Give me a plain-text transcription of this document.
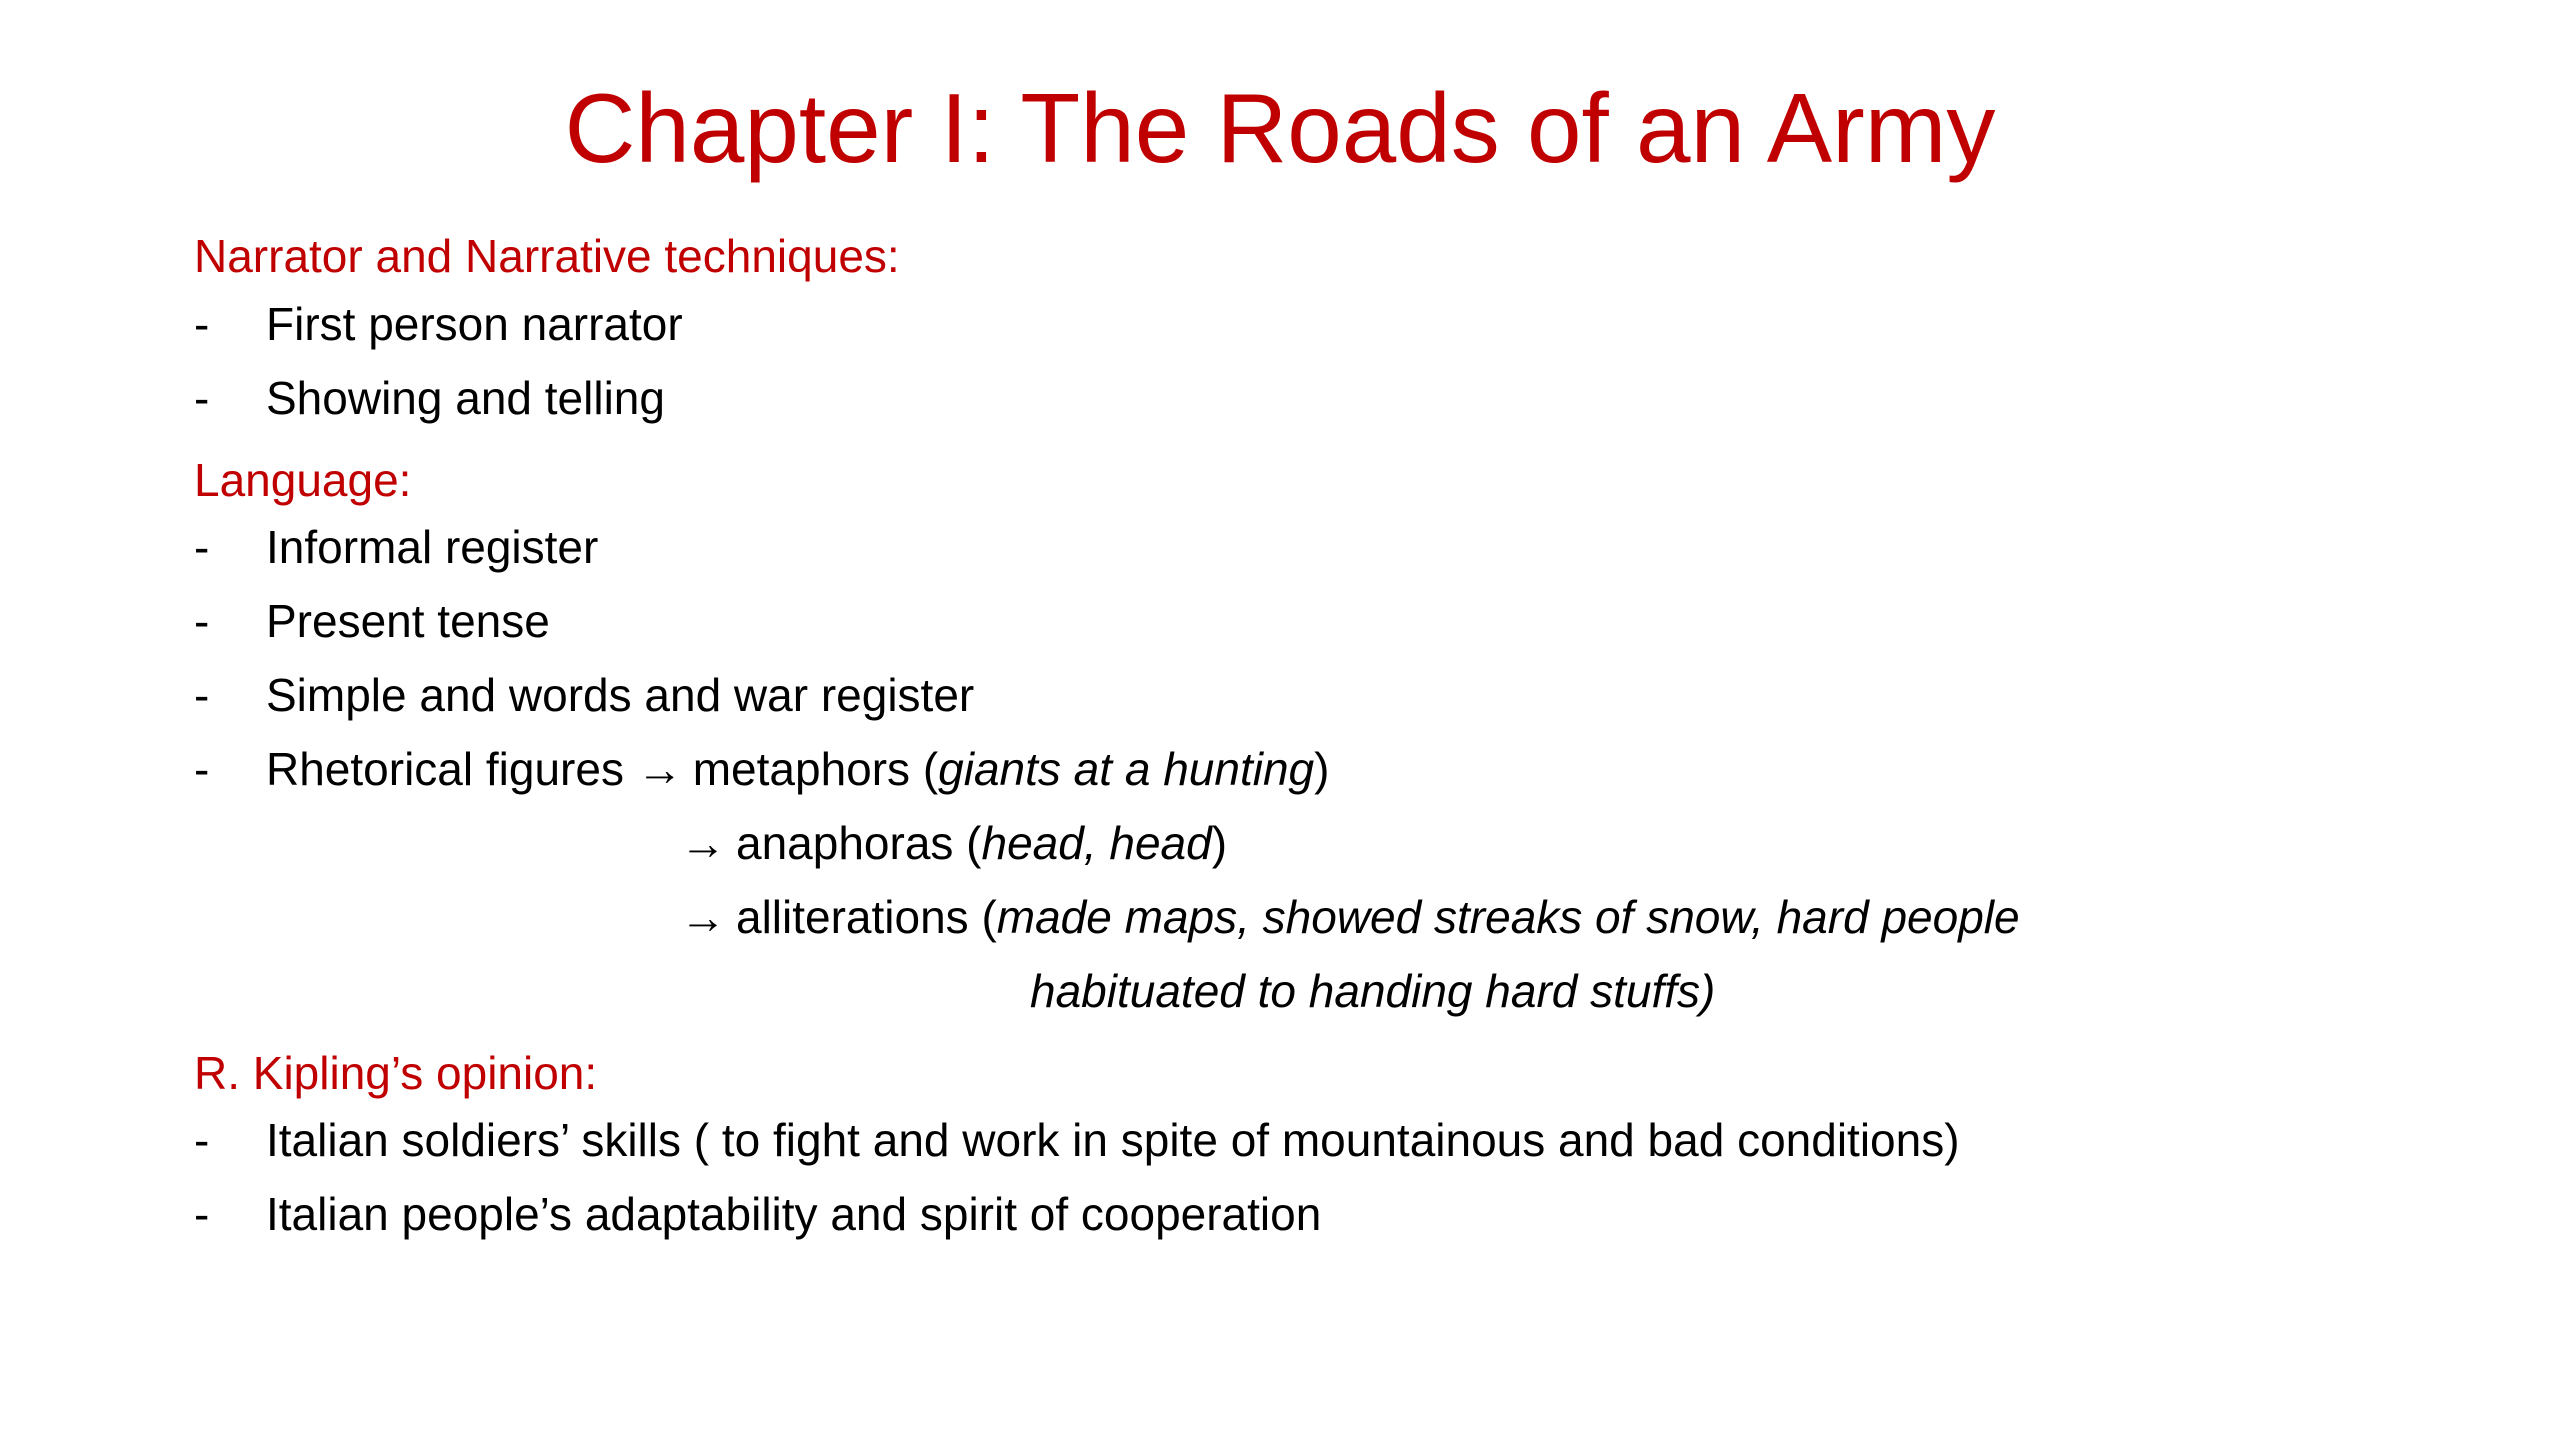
Chapter I: The Roads of an Army
Narrator and Narrative techniques:
- First person narrator
- Showing and telling
Language:
- Informal register
- Present tense
- Simple and words and war register
- Rhetorical figures → metaphors (giants at a hunting)
→ anaphoras (head, head)
→ alliterations (made maps, showed streaks of snow, hard people
habituated to handing hard stuffs)
R. Kipling’s opinion:
- Italian soldiers’ skills ( to fight and work in spite of mountainous and bad conditions)
- Italian people’s adaptability and spirit of cooperation
